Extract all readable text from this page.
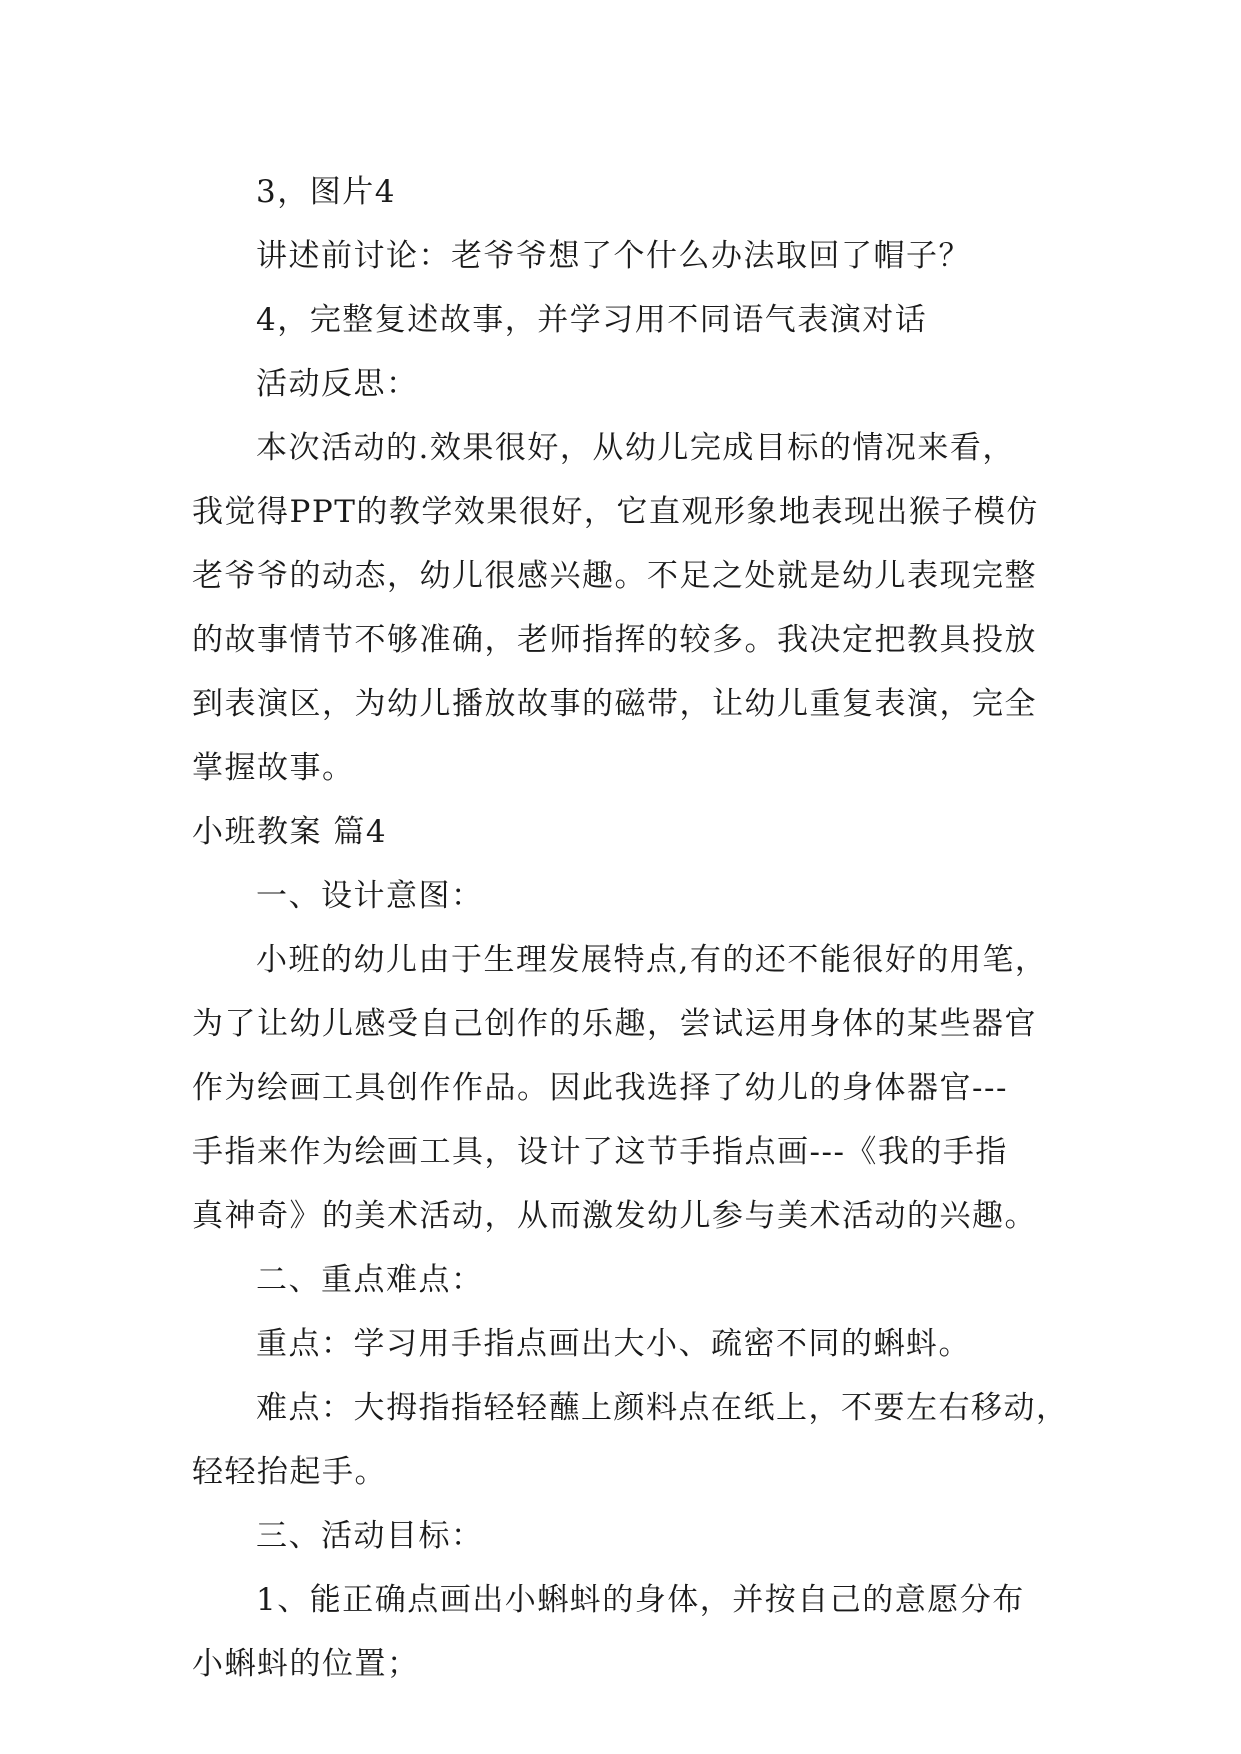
3，图片4
讲述前讨论：老爷爷想了个什么办法取回了帽子？
4，完整复述故事，并学习用不同语气表演对话
活动反思：
本次活动的.效果很好，从幼儿完成目标的情况来看，
我觉得PPT的教学效果很好，它直观形象地表现出猴子模仿
老爷爷的动态，幼儿很感兴趣。不足之处就是幼儿表现完整
的故事情节不够准确，老师指挥的较多。我决定把教具投放
到表演区，为幼儿播放故事的磁带，让幼儿重复表演，完全
掌握故事。
小班教案 篇4
一、设计意图：
小班的幼儿由于生理发展特点,有的还不能很好的用笔，
为了让幼儿感受自己创作的乐趣，尝试运用身体的某些器官
作为绘画工具创作作品。因此我选择了幼儿的身体器官---
手指来作为绘画工具，设计了这节手指点画---《我的手指
真神奇》的美术活动，从而激发幼儿参与美术活动的兴趣。
二、重点难点：
重点：学习用手指点画出大小、疏密不同的蝌蚪。
难点：大拇指指轻轻蘸上颜料点在纸上，不要左右移动，
轻轻抬起手。
三、活动目标：
1、能正确点画出小蝌蚪的身体，并按自己的意愿分布
小蝌蚪的位置；
